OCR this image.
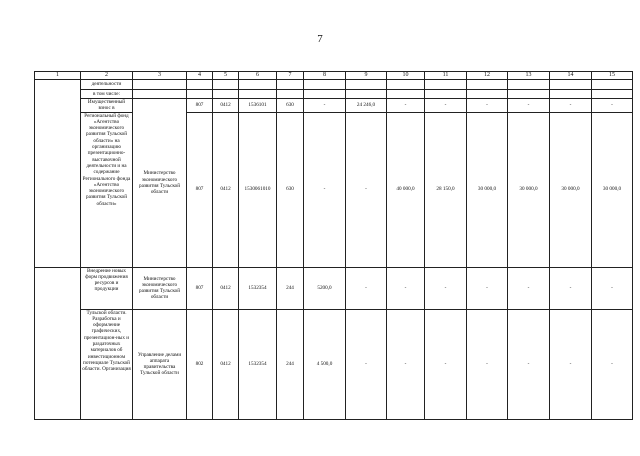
7
1	2	3	4	5	6	7	8	9	10	11	12	13	14	15
	деятельности													
	в том числе:													
	Имущественный взнос в	Министерство экономического развития Тульской области	807	0412	1536101	630	-	24 246,0	-	-	-	-	-	-
	Региональный фонд «Агентство экономического развития Тульской области» на организацию презентационно-выставочной деятельности и на содержание Регионального фонда «Агентство экономического развития Тульской области»		807	0412	1530061010	630	-	-	40 000,0	28 150,0	30 000,0	30 000,0	30 000,0	30 000,0
	Внедрение новых форм продвижения ресурсов и продукции	Министерство экономического развития Тульской области	807	0412	1532354	244	5200,0	-	-	-	-	-	-	-
	Тульской области. Разработка и оформление графических, презентацион-ных и раздаточных материалов об инвестиционном потенциале Тульской области. Организация	Управление делами аппарата правительства Тульской области	802	0412	1532354	244	4 500,0	-	-	-	-	-	-	-
